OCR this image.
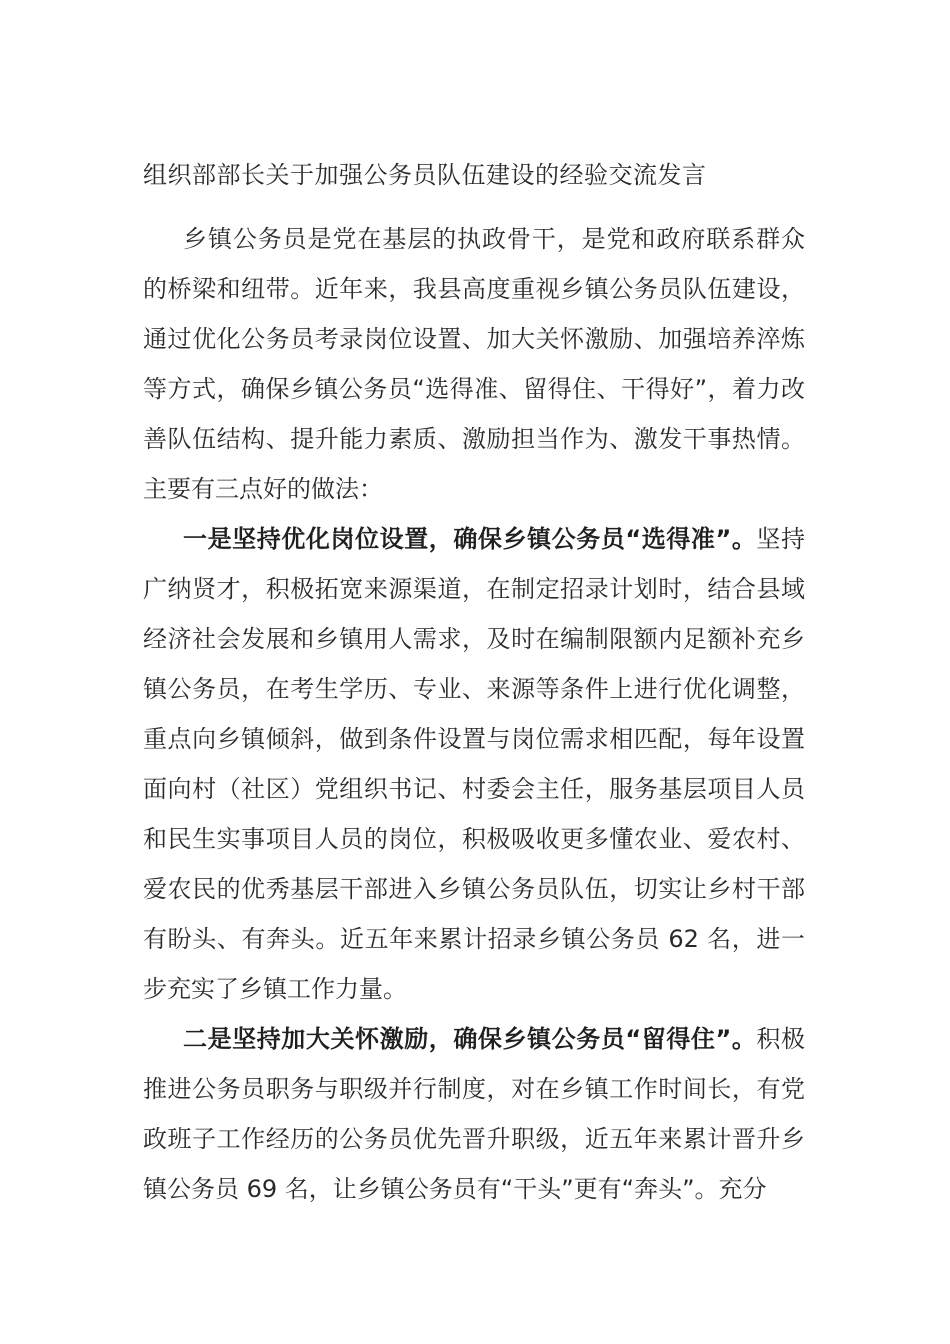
组织部部长关于加强公务员队伍建设的经验交流发言

乡镇公务员是党在基层的执政骨干，是党和政府联系群众的桥梁和纽带。近年来，我县高度重视乡镇公务员队伍建设，通过优化公务员考录岗位设置、加大关怀激励、加强培养淬炼等方式，确保乡镇公务员“选得准、留得住、干得好”，着力改善队伍结构、提升能力素质、激励担当作为、激发干事热情。主要有三点好的做法：

一是坚持优化岗位设置，确保乡镇公务员“选得准”。坚持广纳贤才，积极拓宽来源渠道，在制定招录计划时，结合县域经济社会发展和乡镇用人需求，及时在编制限额内足额补充乡镇公务员，在考生学历、专业、来源等条件上进行优化调整，重点向乡镇倾斜，做到条件设置与岗位需求相匹配，每年设置面向村（社区）党组织书记、村委会主任，服务基层项目人员和民生实事项目人员的岗位，积极吸收更多懂农业、爱农村、爱农民的优秀基层干部进入乡镇公务员队伍，切实让乡村干部有盼头、有奔头。近五年来累计招录乡镇公务员 62 名，进一步充实了乡镇工作力量。

二是坚持加大关怀激励，确保乡镇公务员“留得住”。积极推进公务员职务与职级并行制度，对在乡镇工作时间长，有党政班子工作经历的公务员优先晋升职级，近五年来累计晋升乡镇公务员 69 名，让乡镇公务员有“干头”更有“奔头”。充分
